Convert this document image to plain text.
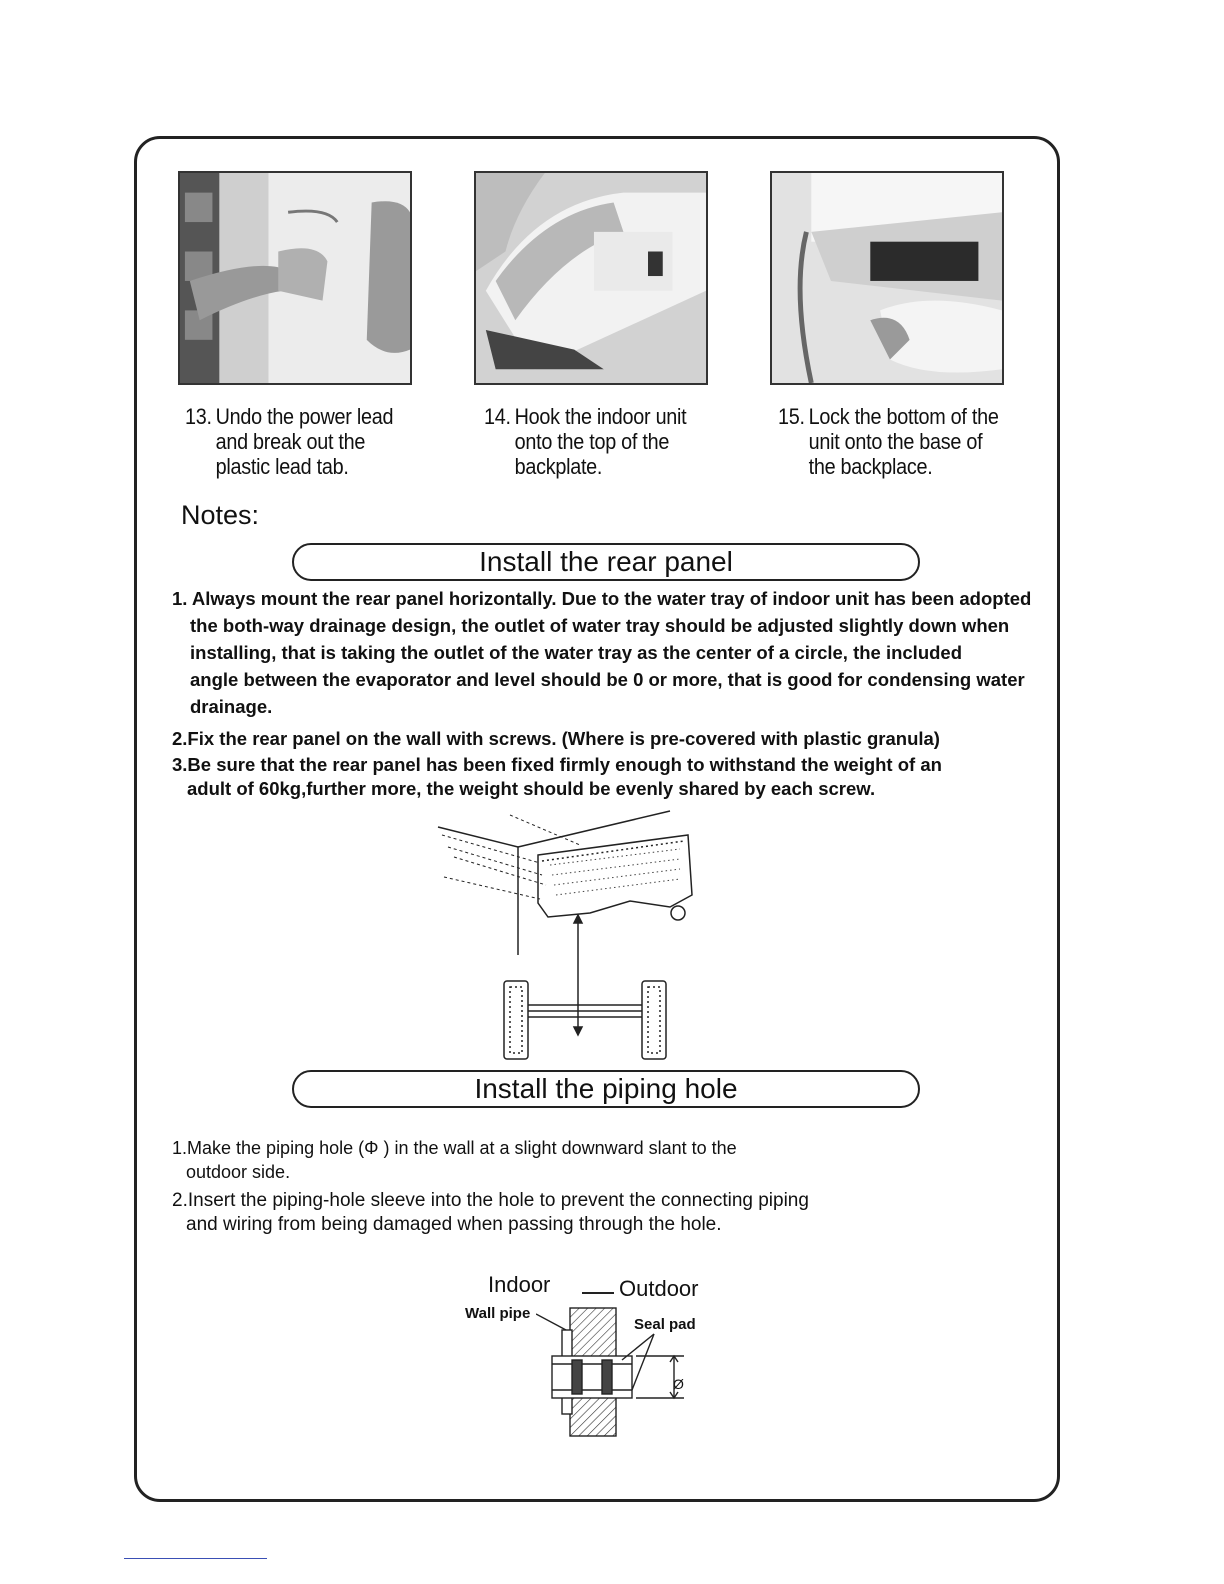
13. Undo the power lead
and break out the
plastic lead tab.
14. Hook the indoor unit
onto the top of the
backplate.
15. Lock the bottom of the
unit onto the base of
the backplace.
Notes:
Install the rear panel
1. Always mount the rear panel horizontally. Due to the water tray of indoor unit has been adopted
the both-way drainage design, the outlet of water tray should be adjusted slightly down when
installing, that is taking the outlet of the water tray as the center of a circle, the included
angle between the evaporator and level should be 0 or more, that is good for condensing water
drainage.
2.Fix the rear panel on the wall with screws. (Where is pre-covered with plastic granula)
3.Be sure that the rear panel has been fixed firmly enough to withstand the weight of an
adult of 60kg,further more, the weight should be evenly shared by each screw.
Install the piping hole
1.Make the piping hole (Φ ) in the wall at a slight downward slant to the
outdoor side.
2.Insert the piping-hole sleeve into the hole to prevent the connecting piping
and wiring from being damaged when passing through the hole.
Indoor	Outdoor
Wall pipe
Seal pad
Ø
